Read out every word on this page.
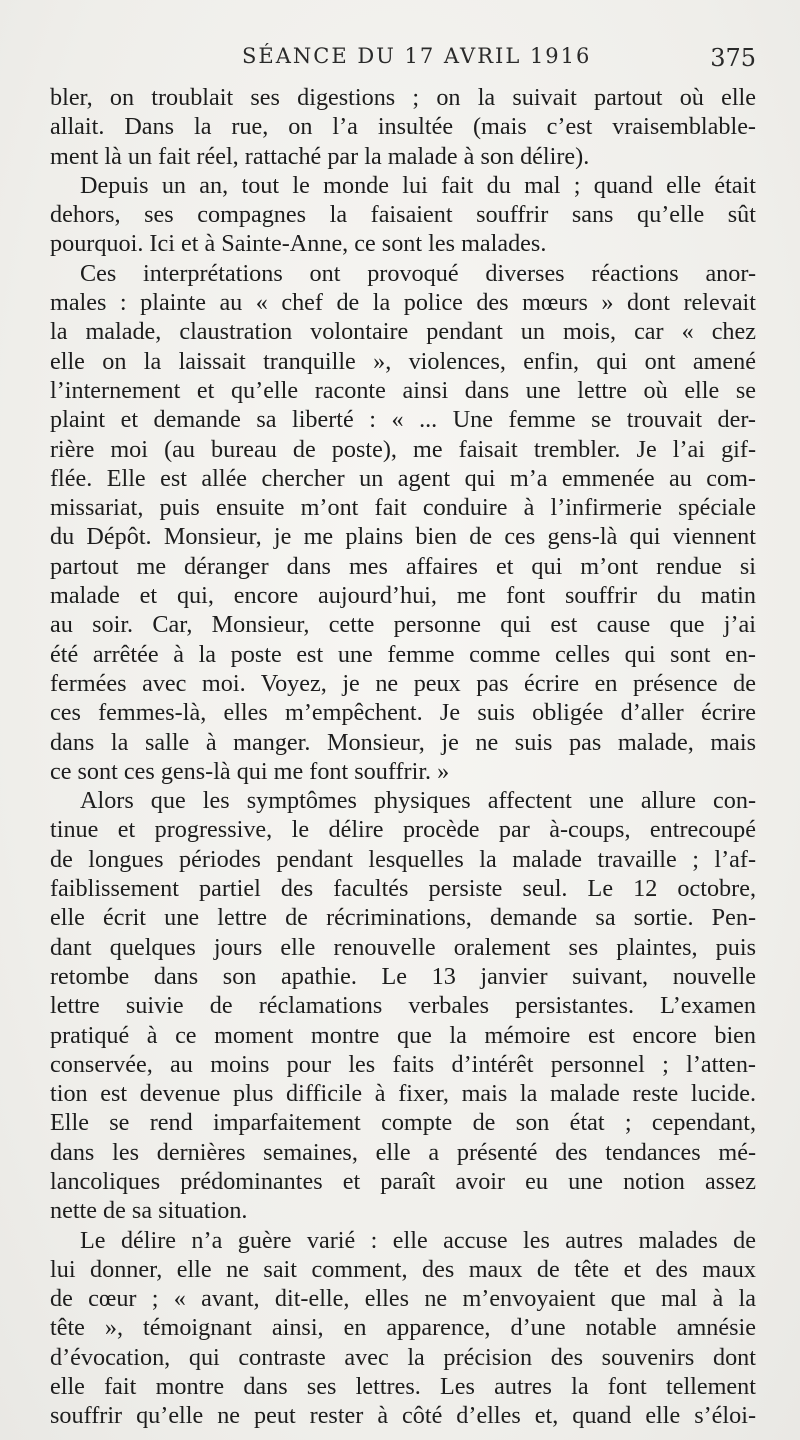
SÉANCE DU 17 AVRIL 1916	375
bler, on troublait ses digestions ; on la suivait partout où elle
allait. Dans la rue, on l’a insultée (mais c’est vraisemblable-
ment là un fait réel, rattaché par la malade à son délire).
Depuis un an, tout le monde lui fait du mal ; quand elle était
dehors, ses compagnes la faisaient souffrir sans qu’elle sût
pourquoi. Ici et à Sainte-Anne, ce sont les malades.
Ces interprétations ont provoqué diverses réactions anor-
males : plainte au « chef de la police des mœurs » dont relevait
la malade, claustration volontaire pendant un mois, car « chez
elle on la laissait tranquille », violences, enfin, qui ont amené
l’internement et qu’elle raconte ainsi dans une lettre où elle se
plaint et demande sa liberté : « ... Une femme se trouvait der-
rière moi (au bureau de poste), me faisait trembler. Je l’ai gif-
flée. Elle est allée chercher un agent qui m’a emmenée au com-
missariat, puis ensuite m’ont fait conduire à l’infirmerie spéciale
du Dépôt. Monsieur, je me plains bien de ces gens-là qui viennent
partout me déranger dans mes affaires et qui m’ont rendue si
malade et qui, encore aujourd’hui, me font souffrir du matin
au soir. Car, Monsieur, cette personne qui est cause que j’ai
été arrêtée à la poste est une femme comme celles qui sont en-
fermées avec moi. Voyez, je ne peux pas écrire en présence de
ces femmes-là, elles m’empêchent. Je suis obligée d’aller écrire
dans la salle à manger. Monsieur, je ne suis pas malade, mais
ce sont ces gens-là qui me font souffrir. »
Alors que les symptômes physiques affectent une allure con-
tinue et progressive, le délire procède par à-coups, entrecoupé
de longues périodes pendant lesquelles la malade travaille ; l’af-
faiblissement partiel des facultés persiste seul. Le 12 octobre,
elle écrit une lettre de récriminations, demande sa sortie. Pen-
dant quelques jours elle renouvelle oralement ses plaintes, puis
retombe dans son apathie. Le 13 janvier suivant, nouvelle
lettre suivie de réclamations verbales persistantes. L’examen
pratiqué à ce moment montre que la mémoire est encore bien
conservée, au moins pour les faits d’intérêt personnel ; l’atten-
tion est devenue plus difficile à fixer, mais la malade reste lucide.
Elle se rend imparfaitement compte de son état ; cependant,
dans les dernières semaines, elle a présenté des tendances mé-
lancoliques prédominantes et paraît avoir eu une notion assez
nette de sa situation.
Le délire n’a guère varié : elle accuse les autres malades de
lui donner, elle ne sait comment, des maux de tête et des maux
de cœur ; « avant, dit-elle, elles ne m’envoyaient que mal à la
tête », témoignant ainsi, en apparence, d’une notable amnésie
d’évocation, qui contraste avec la précision des souvenirs dont
elle fait montre dans ses lettres. Les autres la font tellement
souffrir qu’elle ne peut rester à côté d’elles et, quand elle s’éloi-
